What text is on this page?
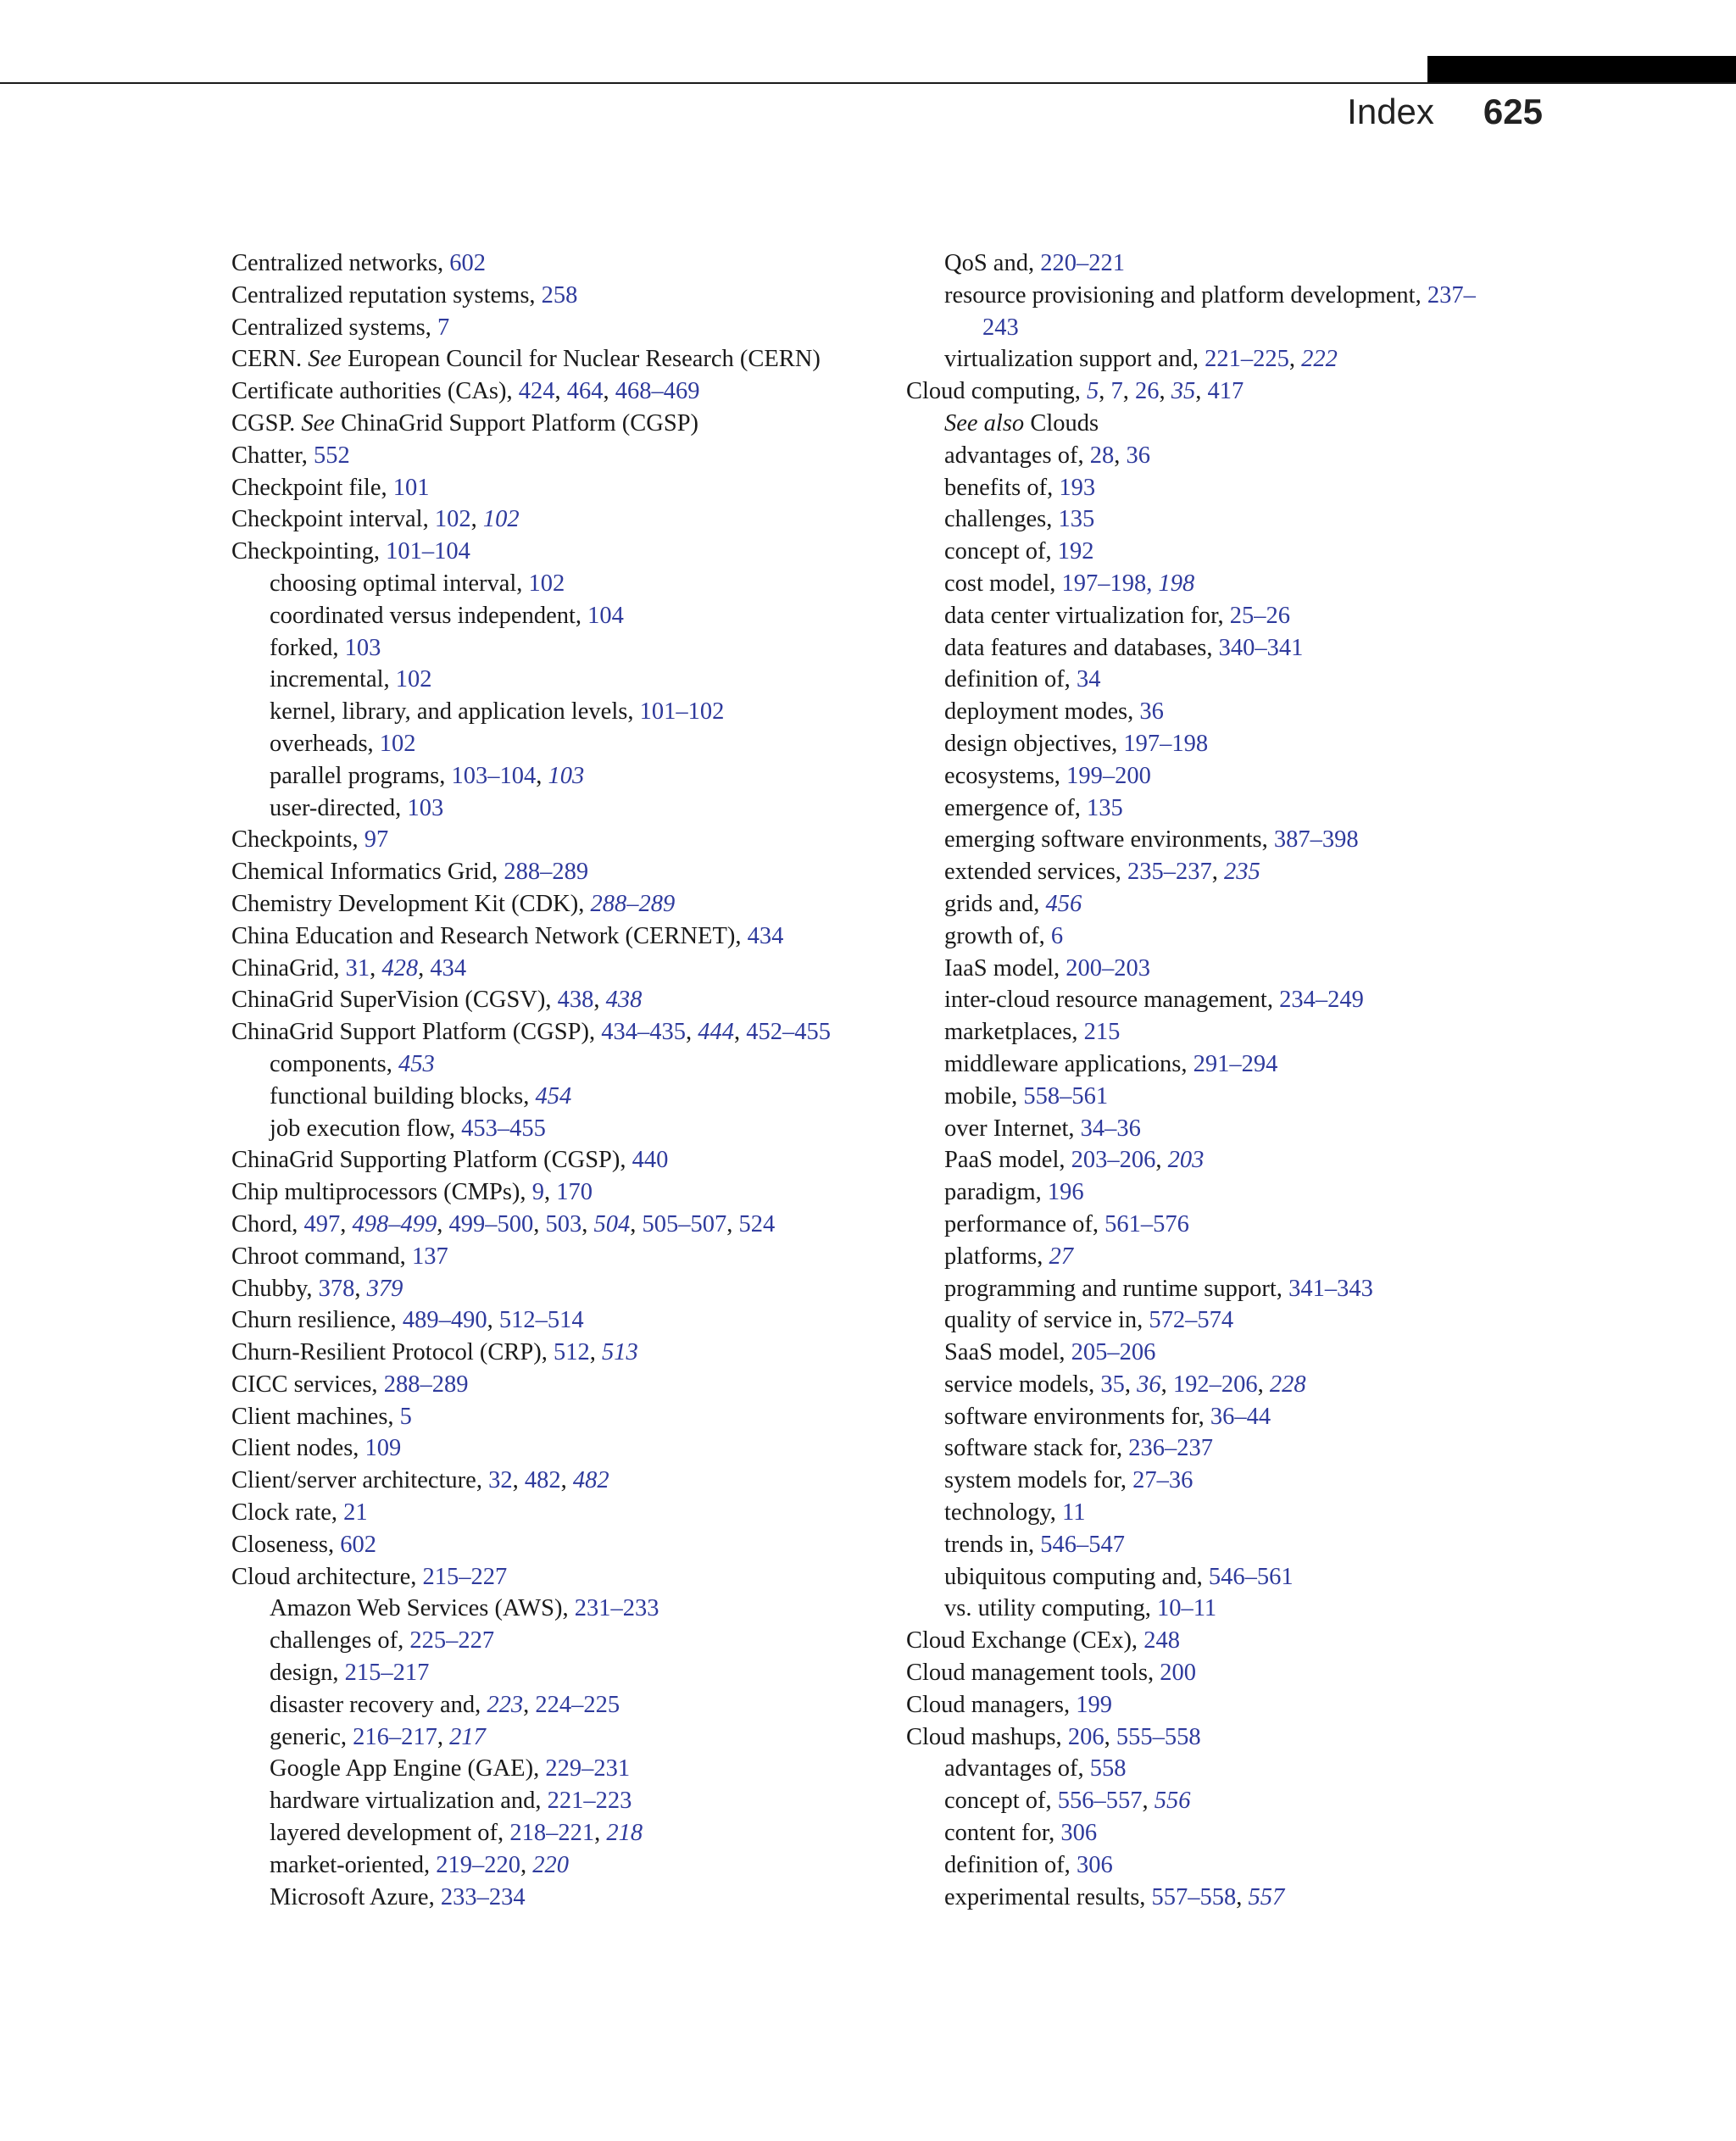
Index 625
Centralized networks, 602
Centralized reputation systems, 258
Centralized systems, 7
CERN. See European Council for Nuclear Research (CERN)
Certificate authorities (CAs), 424, 464, 468–469
CGSP. See ChinaGrid Support Platform (CGSP)
Chatter, 552
Checkpoint file, 101
Checkpoint interval, 102, 102
Checkpointing, 101–104
choosing optimal interval, 102
coordinated versus independent, 104
forked, 103
incremental, 102
kernel, library, and application levels, 101–102
overheads, 102
parallel programs, 103–104, 103
user-directed, 103
Checkpoints, 97
Chemical Informatics Grid, 288–289
Chemistry Development Kit (CDK), 288–289
China Education and Research Network (CERNET), 434
ChinaGrid, 31, 428, 434
ChinaGrid SuperVision (CGSV), 438, 438
ChinaGrid Support Platform (CGSP), 434–435, 444, 452–455
components, 453
functional building blocks, 454
job execution flow, 453–455
ChinaGrid Supporting Platform (CGSP), 440
Chip multiprocessors (CMPs), 9, 170
Chord, 497, 498–499, 499–500, 503, 504, 505–507, 524
Chroot command, 137
Chubby, 378, 379
Churn resilience, 489–490, 512–514
Churn-Resilient Protocol (CRP), 512, 513
CICC services, 288–289
Client machines, 5
Client nodes, 109
Client/server architecture, 32, 482, 482
Clock rate, 21
Closeness, 602
Cloud architecture, 215–227
Amazon Web Services (AWS), 231–233
challenges of, 225–227
design, 215–217
disaster recovery and, 223, 224–225
generic, 216–217, 217
Google App Engine (GAE), 229–231
hardware virtualization and, 221–223
layered development of, 218–221, 218
market-oriented, 219–220, 220
Microsoft Azure, 233–234
QoS and, 220–221
resource provisioning and platform development, 237–243
virtualization support and, 221–225, 222
Cloud computing, 5, 7, 26, 35, 417
See also Clouds
advantages of, 28, 36
benefits of, 193
challenges, 135
concept of, 192
cost model, 197–198, 198
data center virtualization for, 25–26
data features and databases, 340–341
definition of, 34
deployment modes, 36
design objectives, 197–198
ecosystems, 199–200
emergence of, 135
emerging software environments, 387–398
extended services, 235–237, 235
grids and, 456
growth of, 6
IaaS model, 200–203
inter-cloud resource management, 234–249
marketplaces, 215
middleware applications, 291–294
mobile, 558–561
over Internet, 34–36
PaaS model, 203–206, 203
paradigm, 196
performance of, 561–576
platforms, 27
programming and runtime support, 341–343
quality of service in, 572–574
SaaS model, 205–206
service models, 35, 36, 192–206, 228
software environments for, 36–44
software stack for, 236–237
system models for, 27–36
technology, 11
trends in, 546–547
ubiquitous computing and, 546–561
vs. utility computing, 10–11
Cloud Exchange (CEx), 248
Cloud management tools, 200
Cloud managers, 199
Cloud mashups, 206, 555–558
advantages of, 558
concept of, 556–557, 556
content for, 306
definition of, 306
experimental results, 557–558, 557
